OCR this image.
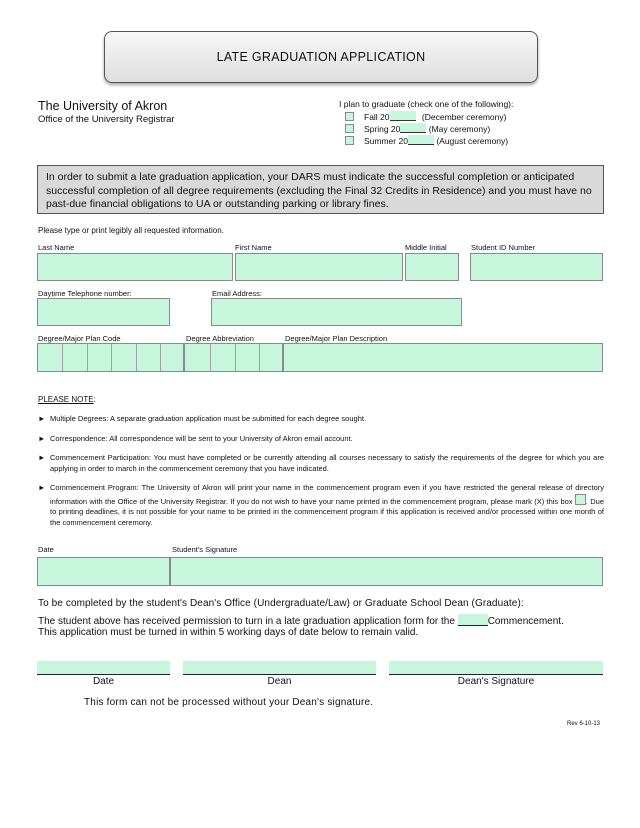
LATE GRADUATION APPLICATION
The University of Akron
Office of the University Registrar
I plan to graduate (check one of the following):
Fall 20	(December ceremony)
Spring 20	(May ceremony)
Summer 20	(August ceremony)
In order to submit a late graduation application, your DARS must indicate the successful completion or anticipated successful completion of all degree requirements (excluding the Final 32 Credits in Residence) and you must have no past-due financial obligations to UA or outstanding parking or library fines.
Please type or print legibly all requested information.
Last Name	First Name	Middle Initial	Student ID Number
Daytime Telephone number:	Email Address:
Degree/Major Plan Code	Degree Abbreviation	Degree/Major Plan Description
PLEASE NOTE:
► Multiple Degrees: A separate graduation application must be submitted for each degree sought.
► Correspondence: All correspondence will be sent to your University of Akron email account.
► Commencement Participation: You must have completed or be currently attending all courses necessary to satisfy the requirements of the degree for which you are applying in order to march in the commencement ceremony that you have indicated.
► Commencement Program: The University of Akron will print your name in the commencement program even if you have restricted the general release of directory information with the Office of the University Registrar. If you do not wish to have your name printed in the commencement program, please mark (X) this box . Due to printing deadlines, it is not possible for your name to be printed in the commencement program if this application is received and/or processed within one month of the commencement ceremony.
Date	Student's Signature
To be completed by the student's Dean's Office (Undergraduate/Law) or Graduate School Dean (Graduate):
The student above has received permission to turn in a late graduation application form for the	Commencement.
This application must be turned in within 5 working days of date below to remain valid.
Date	Dean	Dean's Signature
This form can not be processed without your Dean's signature.
Rev 6-10-13
